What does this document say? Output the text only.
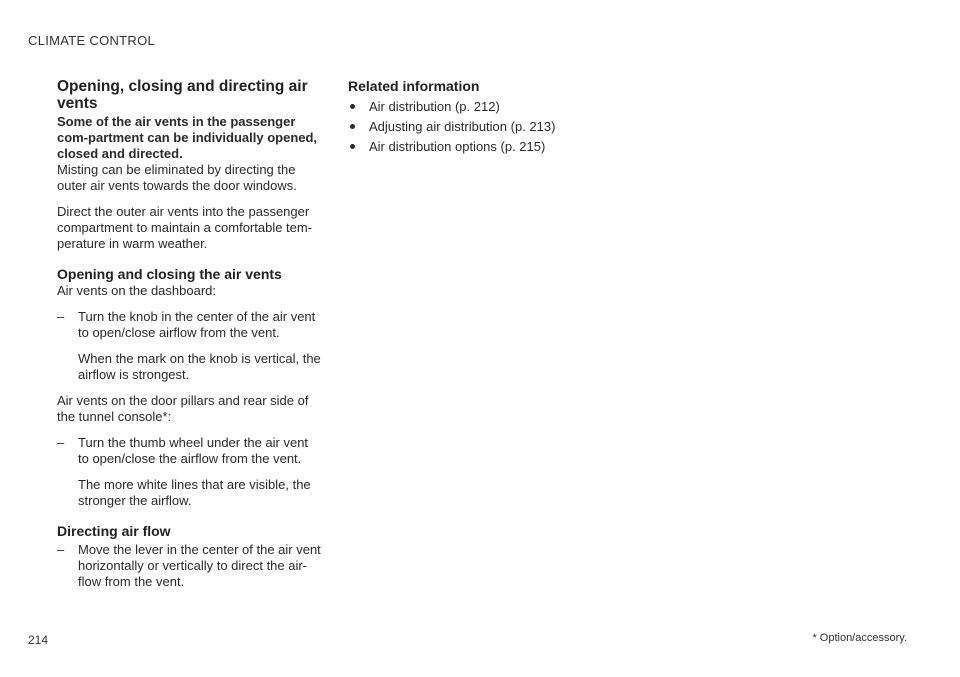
CLIMATE CONTROL
Opening, closing and directing air vents
Some of the air vents in the passenger com-partment can be individually opened, closed and directed.

Misting can be eliminated by directing the outer air vents towards the door windows.

Direct the outer air vents into the passenger compartment to maintain a comfortable tem-perature in warm weather.

Opening and closing the air vents

Air vents on the dashboard:

– Turn the knob in the center of the air vent to open/close airflow from the vent.
When the mark on the knob is vertical, the airflow is strongest.

Air vents on the door pillars and rear side of the tunnel console*:

– Turn the thumb wheel under the air vent to open/close the airflow from the vent.
The more white lines that are visible, the stronger the airflow.
Directing air flow
– Move the lever in the center of the air vent horizontally or vertically to direct the air-flow from the vent.
Related information
Air distribution (p. 212)
Adjusting air distribution (p. 213)
Air distribution options (p. 215)
214	* Option/accessory.
